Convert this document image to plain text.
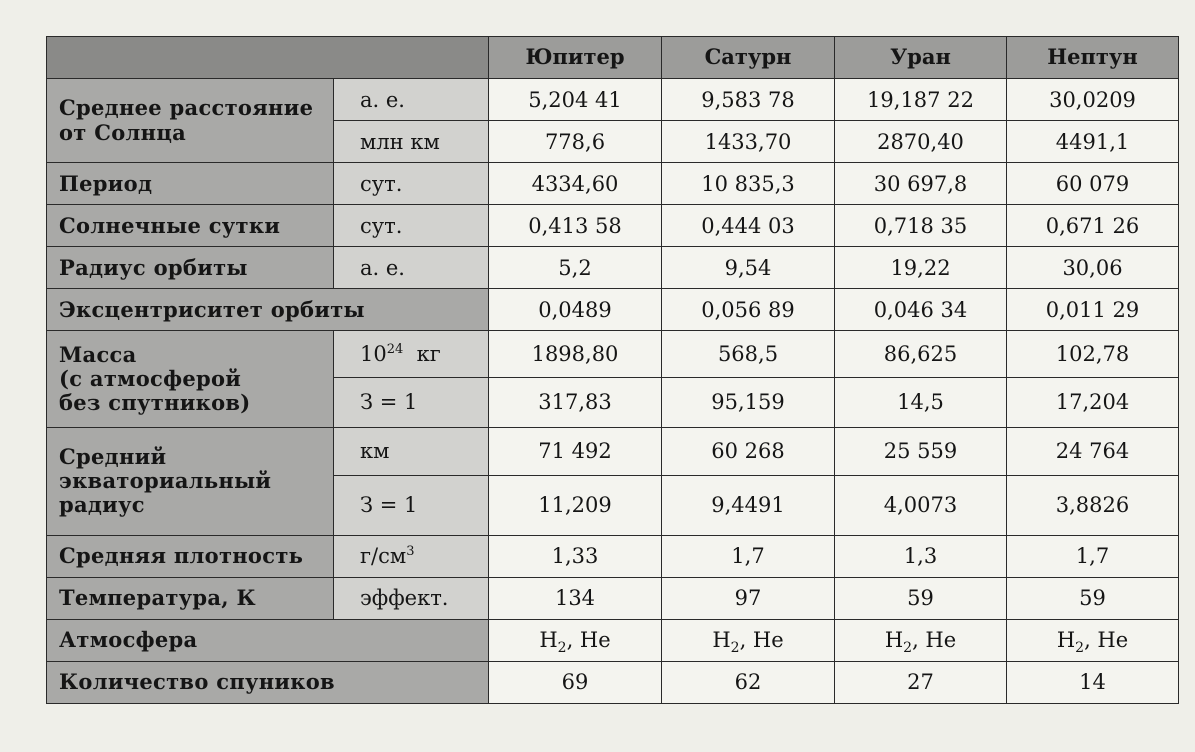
		Юпитер	Сатурн	Уран	Нептун

Среднее расстояние
от Солнца	а. е.	5,204 41	9,583 78	19,187 22	30,0209
	млн км	778,6	1433,70	2870,40	4491,1
Период	сут.	4334,60	10 835,3	30 697,8	60 079
Солнечные сутки	сут.	0,413 58	0,444 03	0,718 35	0,671 26
Радиус орбиты	а. е.	5,2	9,54	19,22	30,06
Эксцентриситет орбиты		0,0489	0,056 89	0,046 34	0,011 29

Масса
(с атмосферой
без спутников)	$10^{24}$ кг	1898,80	568,5	86,625	102,78
	З = 1	317,83	95,159	14,5	17,204

Средний
экваториальный
радиус	км	71 492	60 268	25 559	24 764
	З = 1	11,209	9,4491	4,0073	3,8826
Средняя плотность	$г/см^3$	1,33	1,7	1,3	1,7
Температура, К	эффект.	134	97	59	59
Атмосфера		$H_2$, He	$H_2$, He	$H_2$, He	$H_2$, He
Количество спуников		69	62	27	14
